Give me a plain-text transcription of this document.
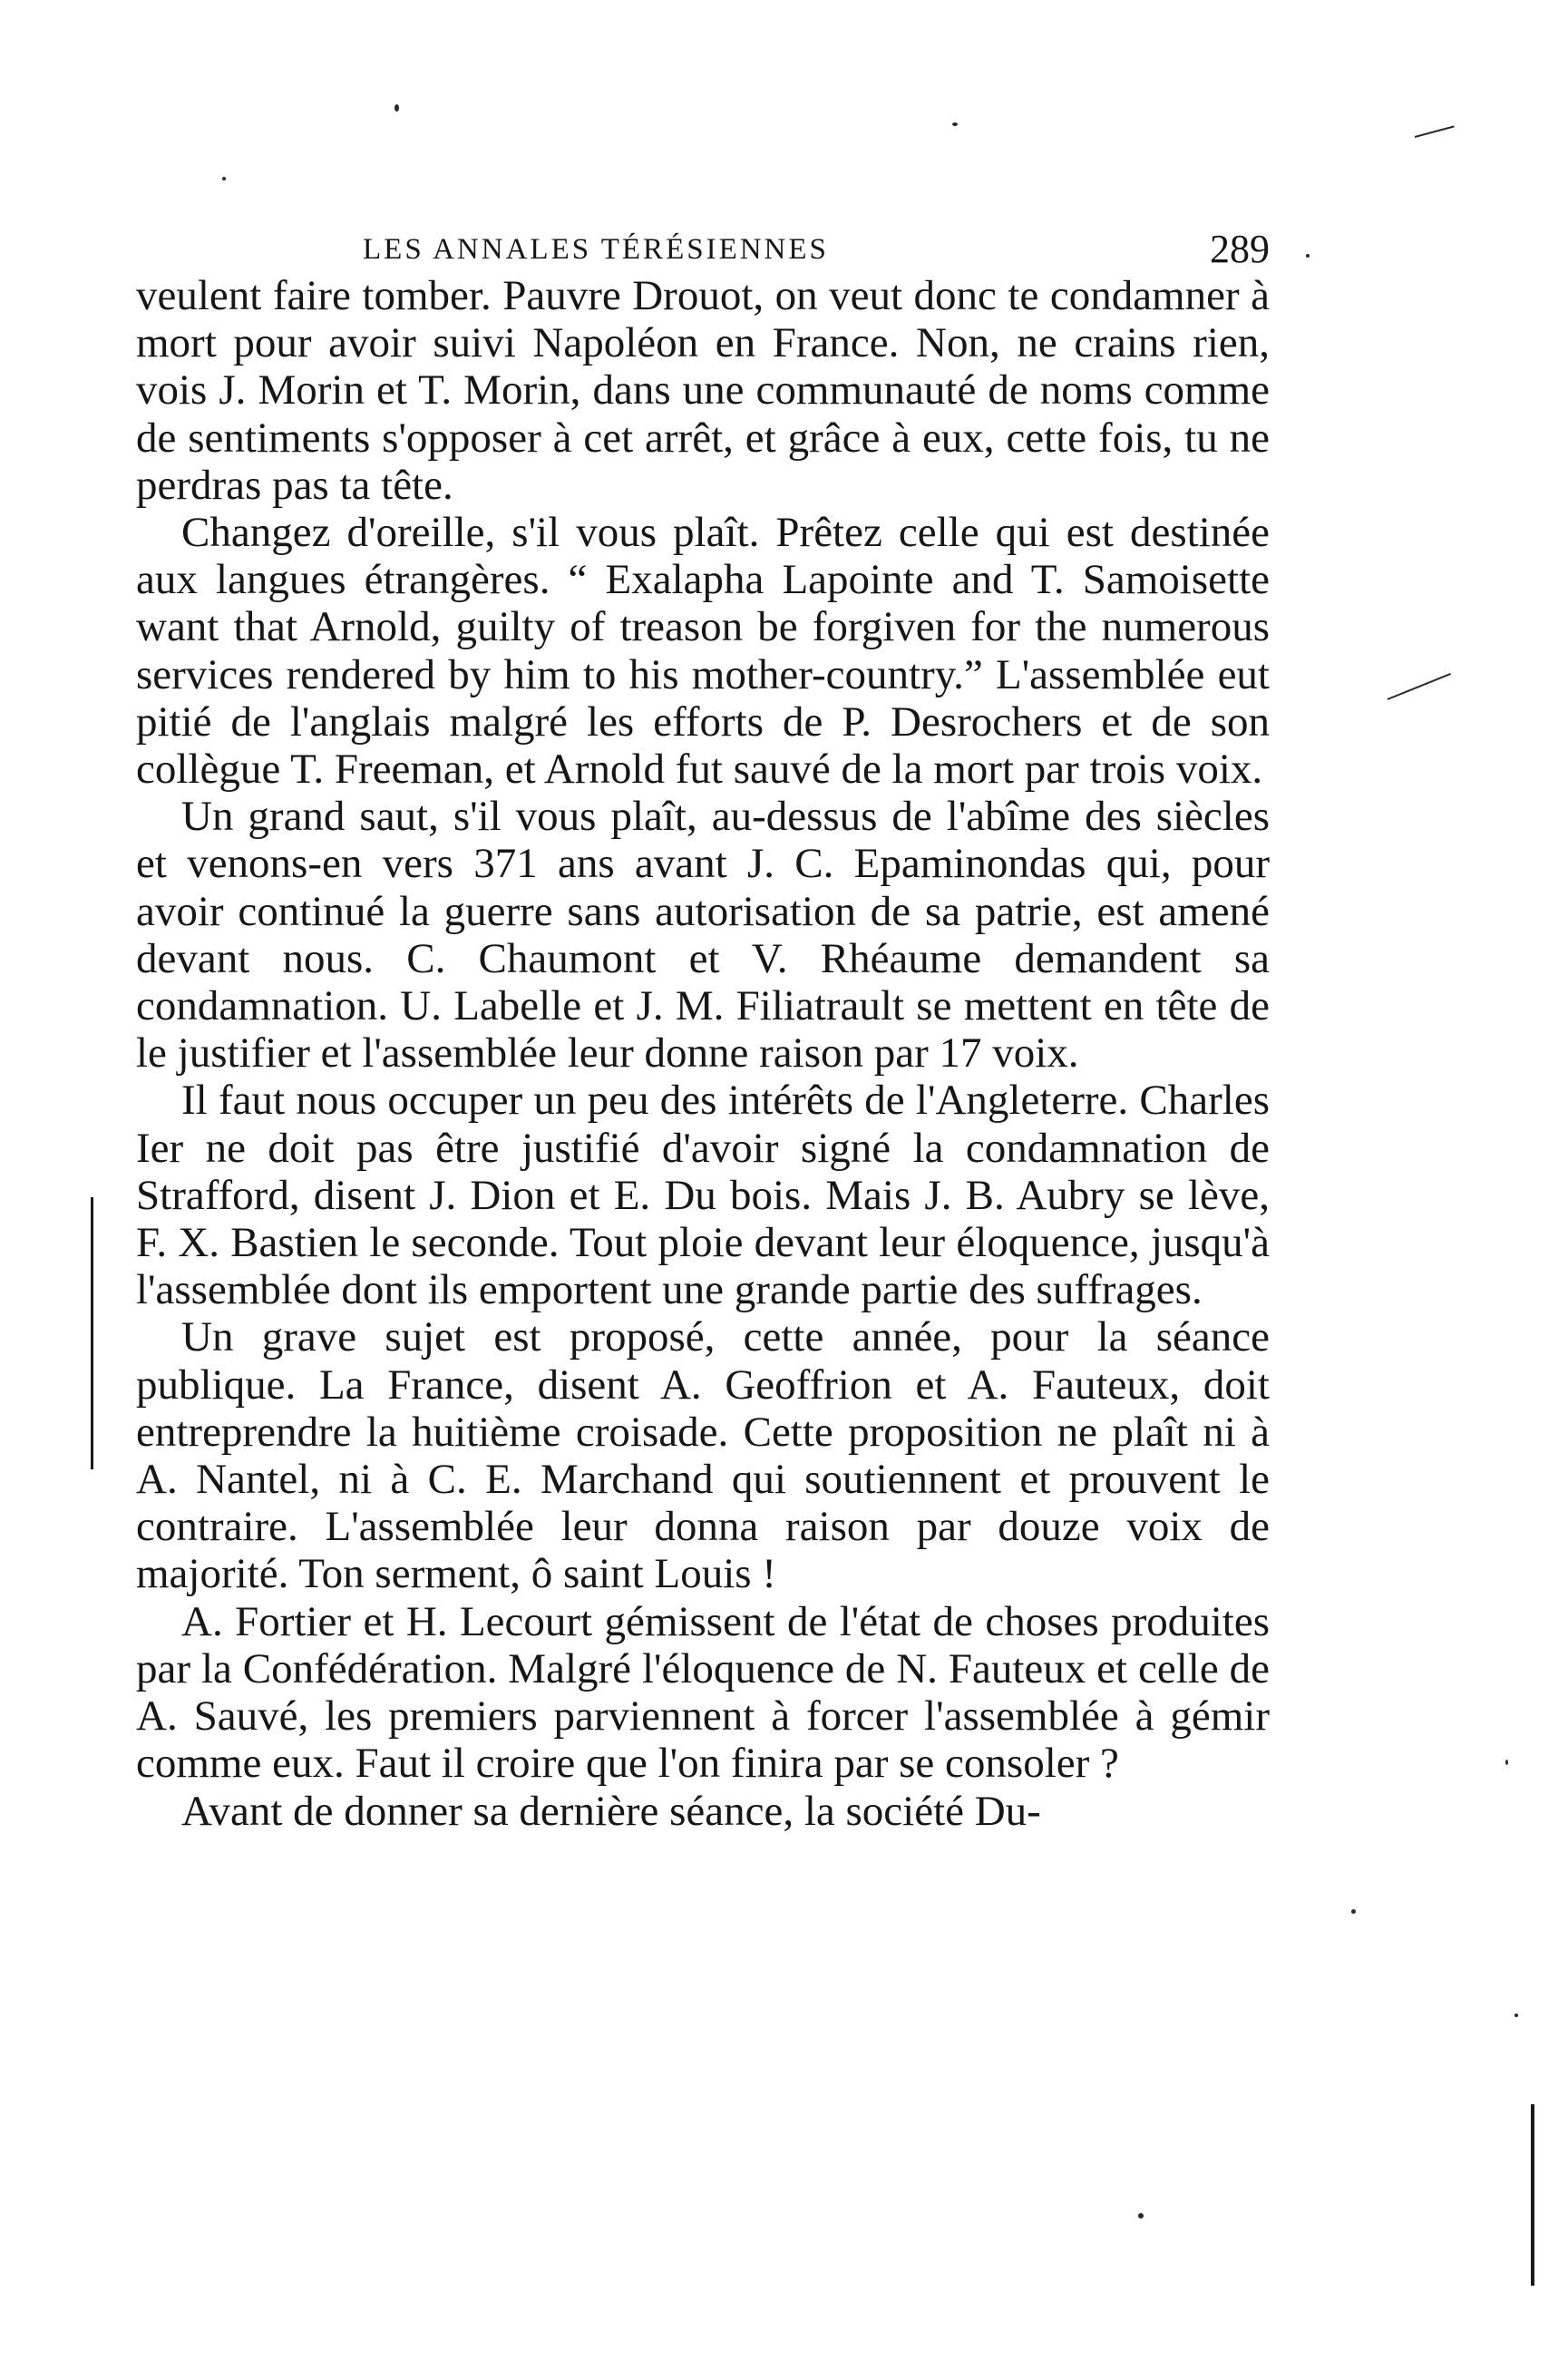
LES ANNALES TÉRÉSIENNES	289

veulent faire tomber. Pauvre Drouot, on veut donc te condamner à mort pour avoir suivi Napoléon en France. Non, ne crains rien, vois J. Morin et T. Morin, dans une communauté de noms comme de sentiments s'opposer à cet arrêt, et grâce à eux, cette fois, tu ne perdras pas ta tête.

Changez d'oreille, s'il vous plaît. Prêtez celle qui est destinée aux langues étrangères. “ Exalapha Lapointe and T. Samoisette want that Arnold, guilty of treason be forgiven for the numerous services rendered by him to his mother-country.” L'assemblée eut pitié de l'anglais malgré les efforts de P. Desrochers et de son collègue T. Freeman, et Arnold fut sauvé de la mort par trois voix.

Un grand saut, s'il vous plaît, au-dessus de l'abîme des siècles et venons-en vers 371 ans avant J. C. Epaminondas qui, pour avoir continué la guerre sans autorisation de sa patrie, est amené devant nous. C. Chaumont et V. Rhéaume demandent sa condamnation. U. Labelle et J. M. Filiatrault se mettent en tête de le justifier et l'assemblée leur donne raison par 17 voix.

Il faut nous occuper un peu des intérêts de l'Angleterre. Charles Ier ne doit pas être justifié d'avoir signé la condamnation de Strafford, disent J. Dion et E. Du bois. Mais J. B. Aubry se lève, F. X. Bastien le seconde. Tout ploie devant leur éloquence, jusqu'à l'assemblée dont ils emportent une grande partie des suffrages.

Un grave sujet est proposé, cette année, pour la séance publique. La France, disent A. Geoffrion et A. Fauteux, doit entreprendre la huitième croisade. Cette proposition ne plaît ni à A. Nantel, ni à C. E. Marchand qui soutiennent et prouvent le contraire. L'assemblée leur donna raison par douze voix de majorité. Ton serment, ô saint Louis !

A. Fortier et H. Lecourt gémissent de l'état de choses produites par la Confédération. Malgré l'éloquence de N. Fauteux et celle de A. Sauvé, les premiers parviennent à forcer l'assemblée à gémir comme eux. Faut il croire que l'on finira par se consoler ?

Avant de donner sa dernière séance, la société Du-
